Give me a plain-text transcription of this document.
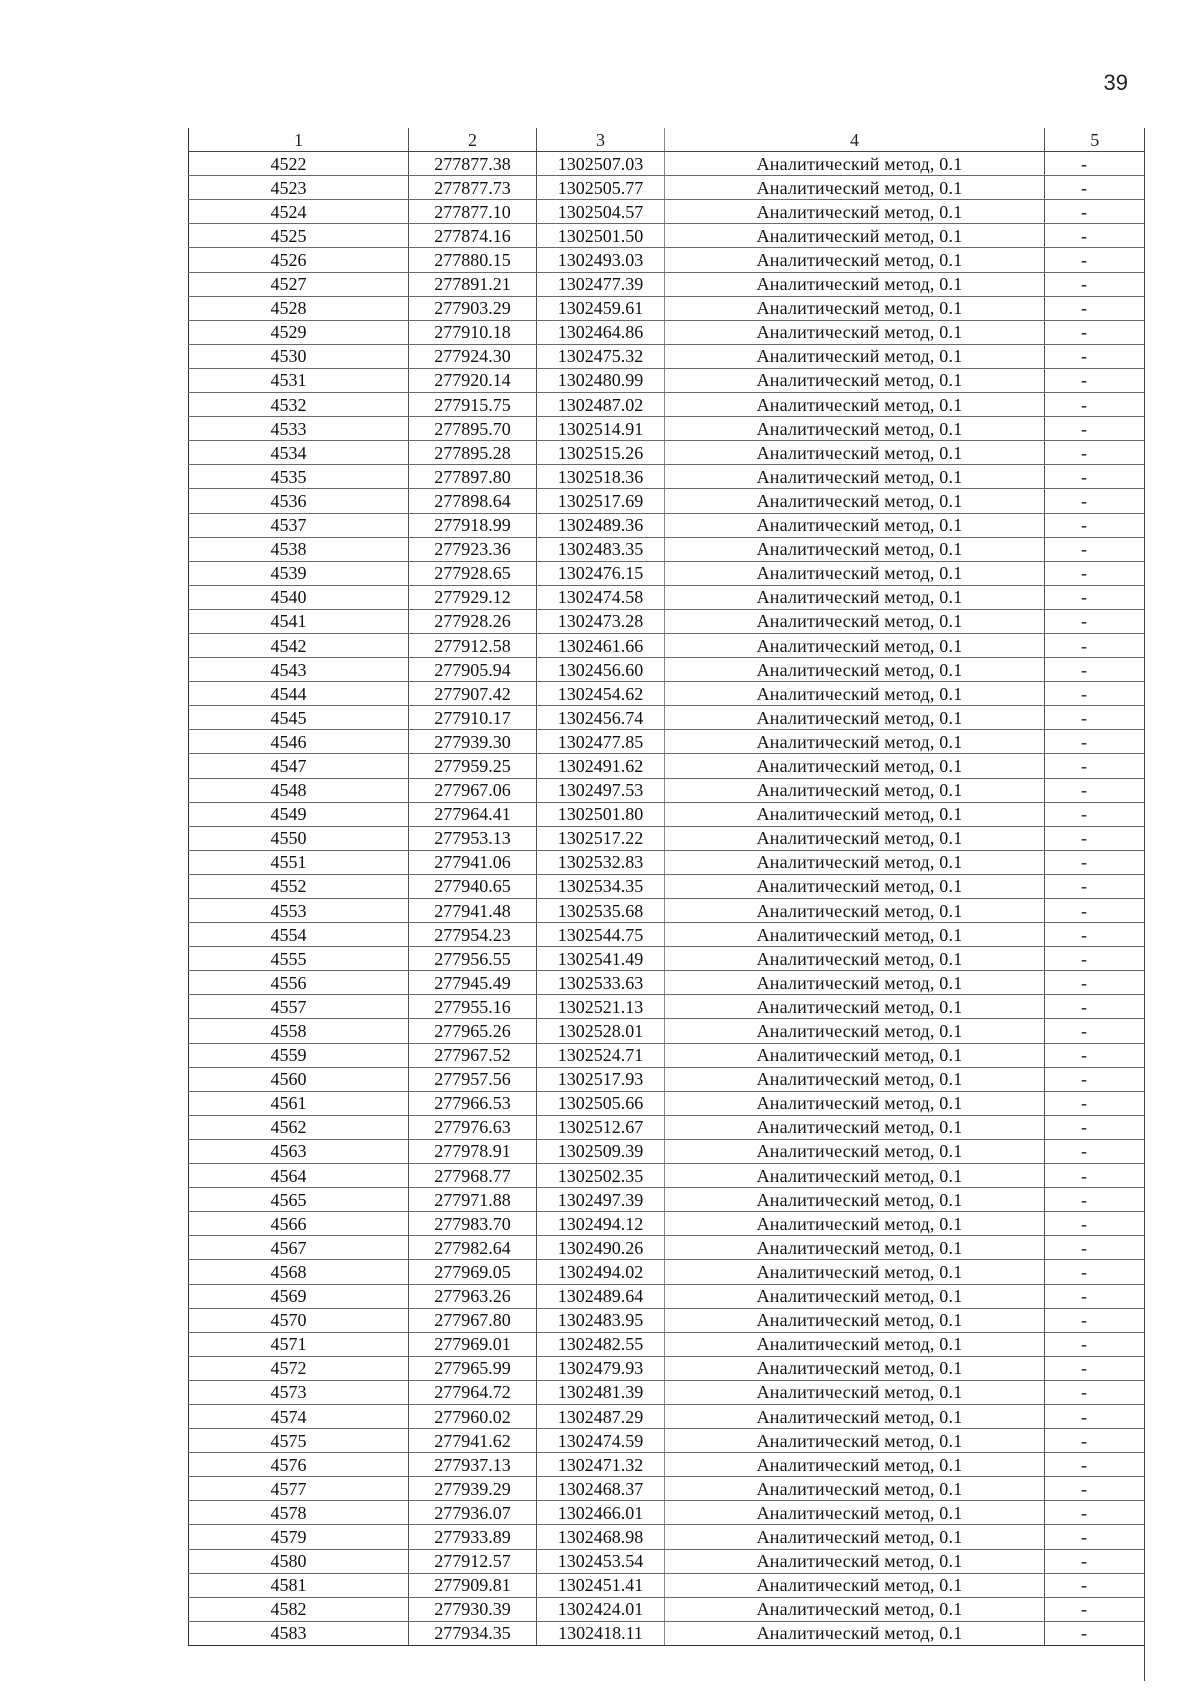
39
1	2	3	4	5
4522	277877.38	1302507.03	Аналитический метод, 0.1	-
4523	277877.73	1302505.77	Аналитический метод, 0.1	-
4524	277877.10	1302504.57	Аналитический метод, 0.1	-
4525	277874.16	1302501.50	Аналитический метод, 0.1	-
4526	277880.15	1302493.03	Аналитический метод, 0.1	-
4527	277891.21	1302477.39	Аналитический метод, 0.1	-
4528	277903.29	1302459.61	Аналитический метод, 0.1	-
4529	277910.18	1302464.86	Аналитический метод, 0.1	-
4530	277924.30	1302475.32	Аналитический метод, 0.1	-
4531	277920.14	1302480.99	Аналитический метод, 0.1	-
4532	277915.75	1302487.02	Аналитический метод, 0.1	-
4533	277895.70	1302514.91	Аналитический метод, 0.1	-
4534	277895.28	1302515.26	Аналитический метод, 0.1	-
4535	277897.80	1302518.36	Аналитический метод, 0.1	-
4536	277898.64	1302517.69	Аналитический метод, 0.1	-
4537	277918.99	1302489.36	Аналитический метод, 0.1	-
4538	277923.36	1302483.35	Аналитический метод, 0.1	-
4539	277928.65	1302476.15	Аналитический метод, 0.1	-
4540	277929.12	1302474.58	Аналитический метод, 0.1	-
4541	277928.26	1302473.28	Аналитический метод, 0.1	-
4542	277912.58	1302461.66	Аналитический метод, 0.1	-
4543	277905.94	1302456.60	Аналитический метод, 0.1	-
4544	277907.42	1302454.62	Аналитический метод, 0.1	-
4545	277910.17	1302456.74	Аналитический метод, 0.1	-
4546	277939.30	1302477.85	Аналитический метод, 0.1	-
4547	277959.25	1302491.62	Аналитический метод, 0.1	-
4548	277967.06	1302497.53	Аналитический метод, 0.1	-
4549	277964.41	1302501.80	Аналитический метод, 0.1	-
4550	277953.13	1302517.22	Аналитический метод, 0.1	-
4551	277941.06	1302532.83	Аналитический метод, 0.1	-
4552	277940.65	1302534.35	Аналитический метод, 0.1	-
4553	277941.48	1302535.68	Аналитический метод, 0.1	-
4554	277954.23	1302544.75	Аналитический метод, 0.1	-
4555	277956.55	1302541.49	Аналитический метод, 0.1	-
4556	277945.49	1302533.63	Аналитический метод, 0.1	-
4557	277955.16	1302521.13	Аналитический метод, 0.1	-
4558	277965.26	1302528.01	Аналитический метод, 0.1	-
4559	277967.52	1302524.71	Аналитический метод, 0.1	-
4560	277957.56	1302517.93	Аналитический метод, 0.1	-
4561	277966.53	1302505.66	Аналитический метод, 0.1	-
4562	277976.63	1302512.67	Аналитический метод, 0.1	-
4563	277978.91	1302509.39	Аналитический метод, 0.1	-
4564	277968.77	1302502.35	Аналитический метод, 0.1	-
4565	277971.88	1302497.39	Аналитический метод, 0.1	-
4566	277983.70	1302494.12	Аналитический метод, 0.1	-
4567	277982.64	1302490.26	Аналитический метод, 0.1	-
4568	277969.05	1302494.02	Аналитический метод, 0.1	-
4569	277963.26	1302489.64	Аналитический метод, 0.1	-
4570	277967.80	1302483.95	Аналитический метод, 0.1	-
4571	277969.01	1302482.55	Аналитический метод, 0.1	-
4572	277965.99	1302479.93	Аналитический метод, 0.1	-
4573	277964.72	1302481.39	Аналитический метод, 0.1	-
4574	277960.02	1302487.29	Аналитический метод, 0.1	-
4575	277941.62	1302474.59	Аналитический метод, 0.1	-
4576	277937.13	1302471.32	Аналитический метод, 0.1	-
4577	277939.29	1302468.37	Аналитический метод, 0.1	-
4578	277936.07	1302466.01	Аналитический метод, 0.1	-
4579	277933.89	1302468.98	Аналитический метод, 0.1	-
4580	277912.57	1302453.54	Аналитический метод, 0.1	-
4581	277909.81	1302451.41	Аналитический метод, 0.1	-
4582	277930.39	1302424.01	Аналитический метод, 0.1	-
4583	277934.35	1302418.11	Аналитический метод, 0.1	-
